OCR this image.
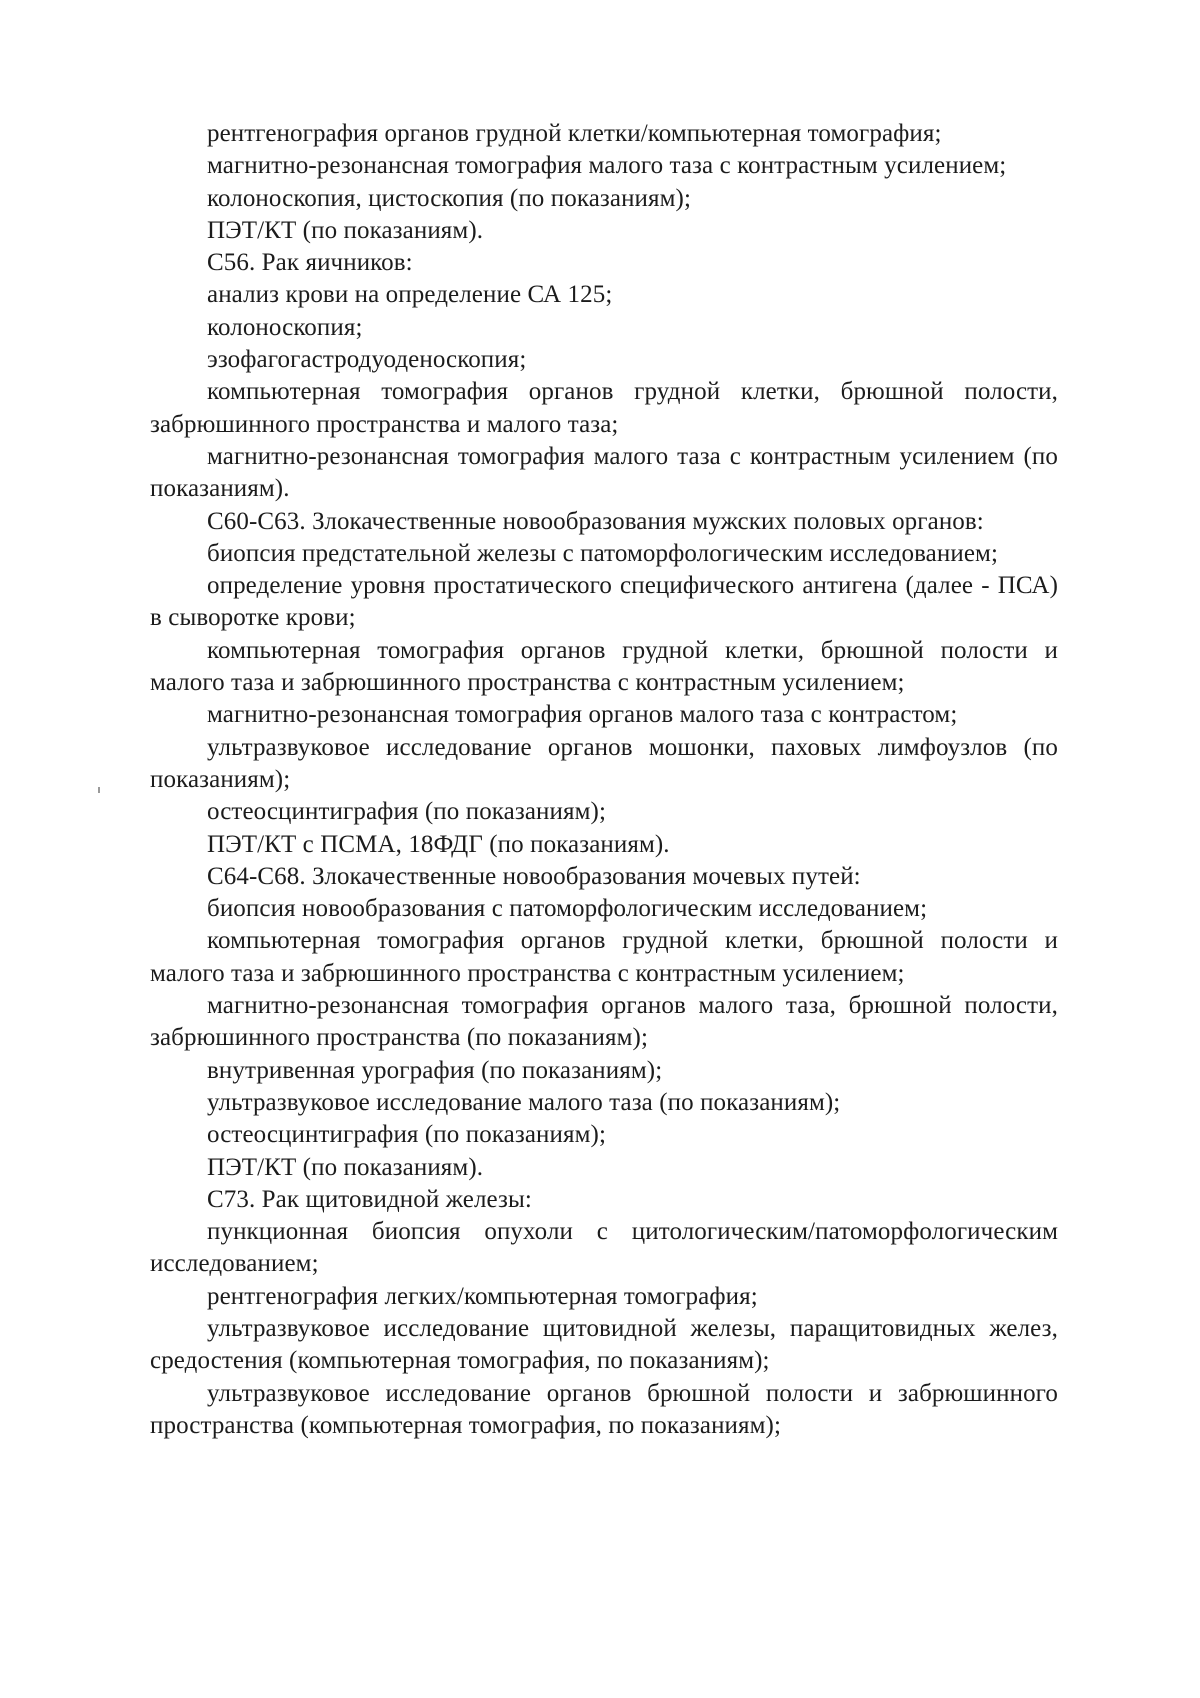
рентгенография органов грудной клетки/компьютерная томография;

магнитно-резонансная томография малого таза с контрастным усилением;

колоноскопия, цистоскопия (по показаниям);

ПЭТ/КТ (по показаниям).

С56. Рак яичников:

анализ крови на определение СА 125;

колоноскопия;

эзофагогастродуоденоскопия;

компьютерная томография органов грудной клетки, брюшной полости, забрюшинного пространства и малого таза;

магнитно-резонансная томография малого таза с контрастным усилением (по показаниям).

С60-С63. Злокачественные новообразования мужских половых органов:

биопсия предстательной железы с патоморфологическим исследованием;

определение уровня простатического специфического антигена (далее - ПСА) в сыворотке крови;

компьютерная томография органов грудной клетки, брюшной полости и малого таза и забрюшинного пространства с контрастным усилением;

магнитно-резонансная томография органов малого таза с контрастом;

ультразвуковое исследование органов мошонки, паховых лимфоузлов (по показаниям);

остеосцинтиграфия (по показаниям);

ПЭТ/КТ с ПСМА, 18ФДГ (по показаниям).

С64-С68. Злокачественные новообразования мочевых путей:

биопсия новообразования с патоморфологическим исследованием;

компьютерная томография органов грудной клетки, брюшной полости и малого таза и забрюшинного пространства с контрастным усилением;

магнитно-резонансная томография органов малого таза, брюшной полости, забрюшинного пространства (по показаниям);

внутривенная урография (по показаниям);

ультразвуковое исследование малого таза (по показаниям);

остеосцинтиграфия (по показаниям);

ПЭТ/КТ (по показаниям).

С73. Рак щитовидной железы:

пункционная биопсия опухоли с цитологическим/патоморфологическим исследованием;

рентгенография легких/компьютерная томография;

ультразвуковое исследование щитовидной железы, паращитовидных желез, средостения (компьютерная томография, по показаниям);

ультразвуковое исследование органов брюшной полости и забрюшинного пространства (компьютерная томография, по показаниям);
